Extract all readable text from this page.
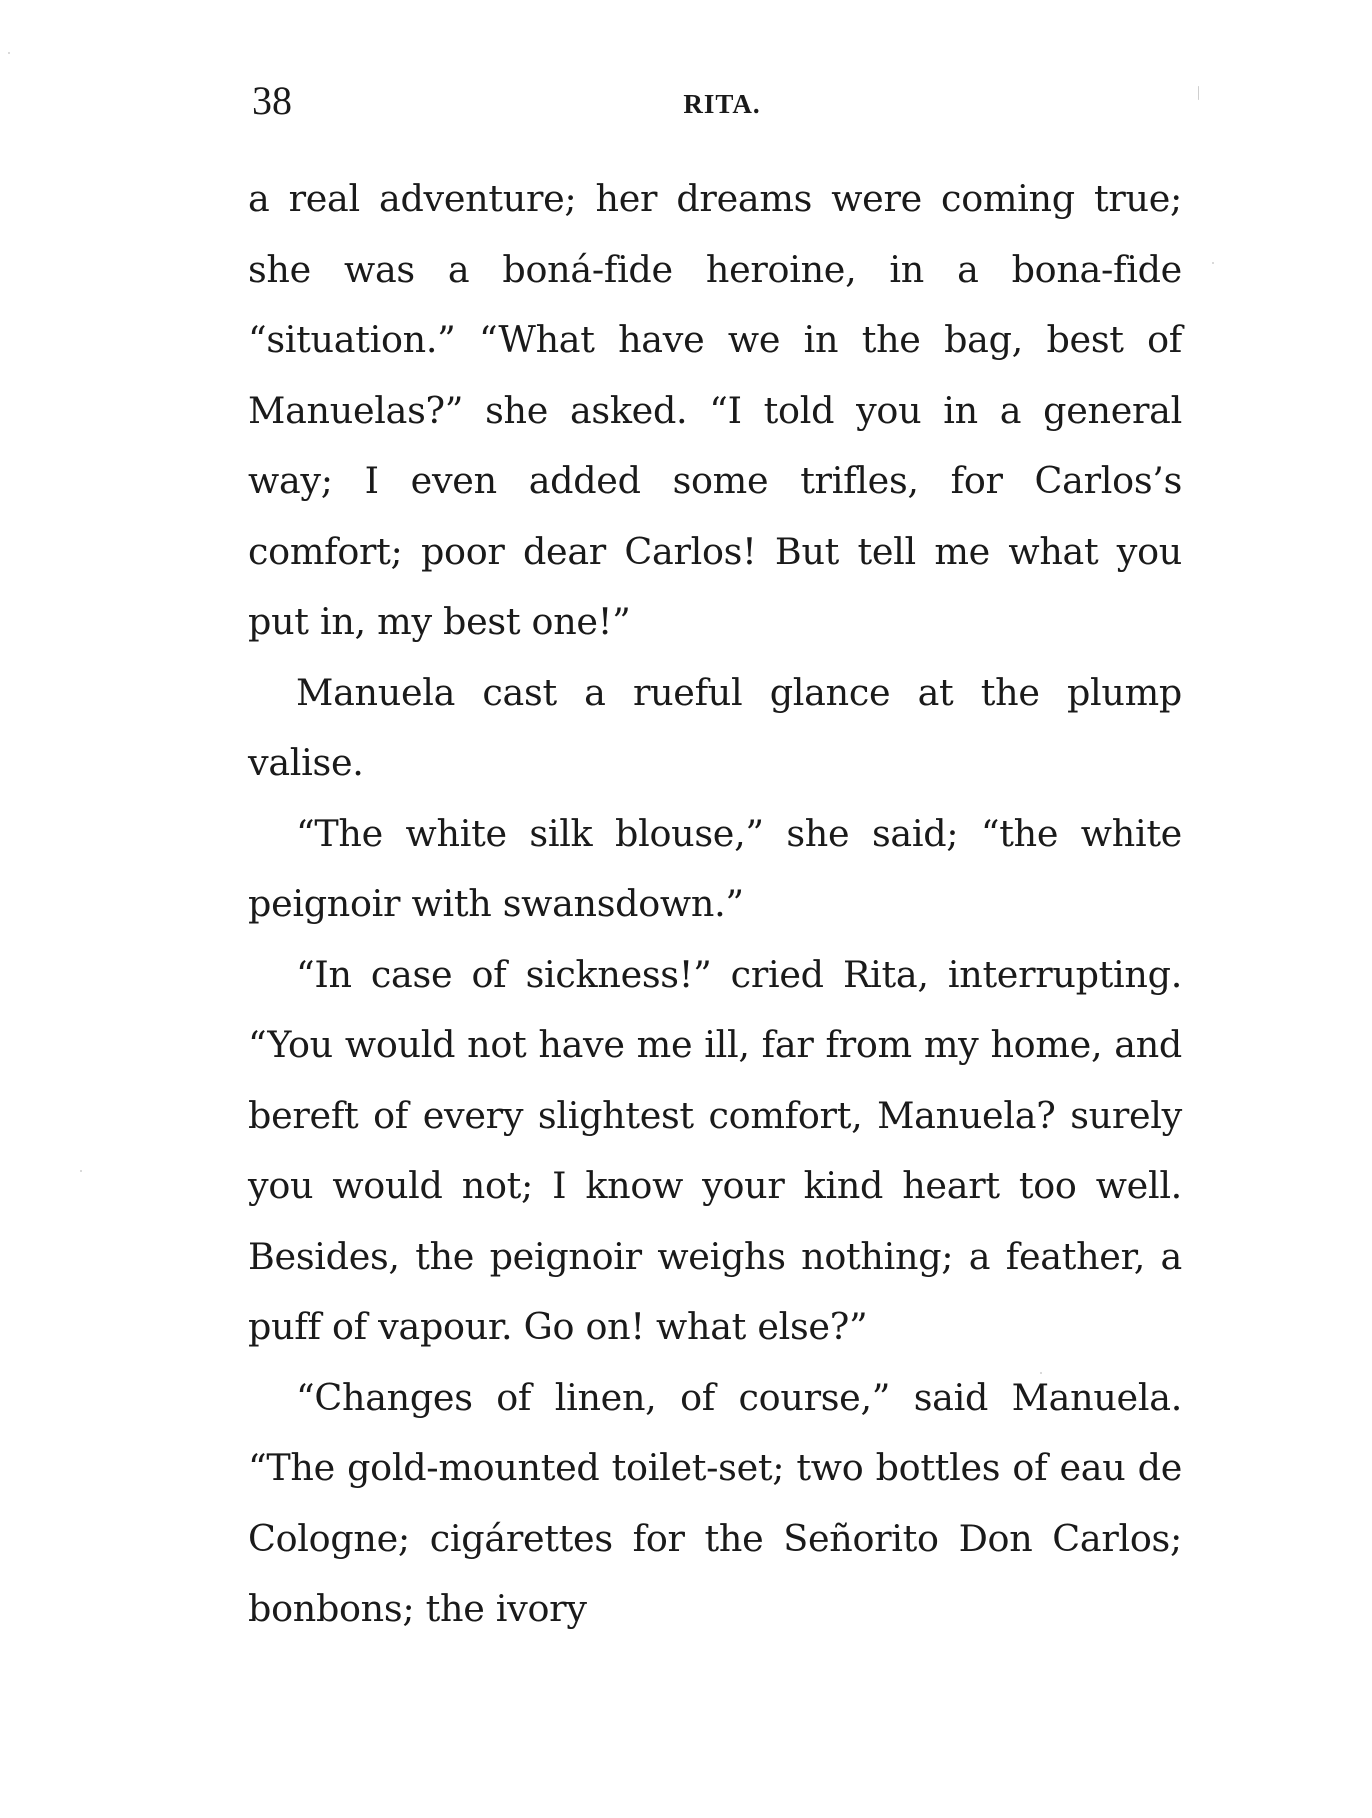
38	RITA.

a real adventure; her dreams were coming true; she was a boná-fide heroine, in a bona-fide “situation.” “What have we in the bag, best of Manuelas?” she asked. “I told you in a general way; I even added some trifles, for Carlos’s comfort; poor dear Carlos! But tell me what you put in, my best one!”

Manuela cast a rueful glance at the plump valise.

“The white silk blouse,” she said; “the white peignoir with swansdown.”

“In case of sickness!” cried Rita, interrupting. “You would not have me ill, far from my home, and bereft of every slightest comfort, Manuela? surely you would not; I know your kind heart too well. Besides, the peignoir weighs nothing; a feather, a puff of vapour. Go on! what else?”

“Changes of linen, of course,” said Manuela. “The gold-mounted toilet-set; two bottles of eau de Cologne; cigárettes for the Señorito Don Carlos; bonbons; the ivory
